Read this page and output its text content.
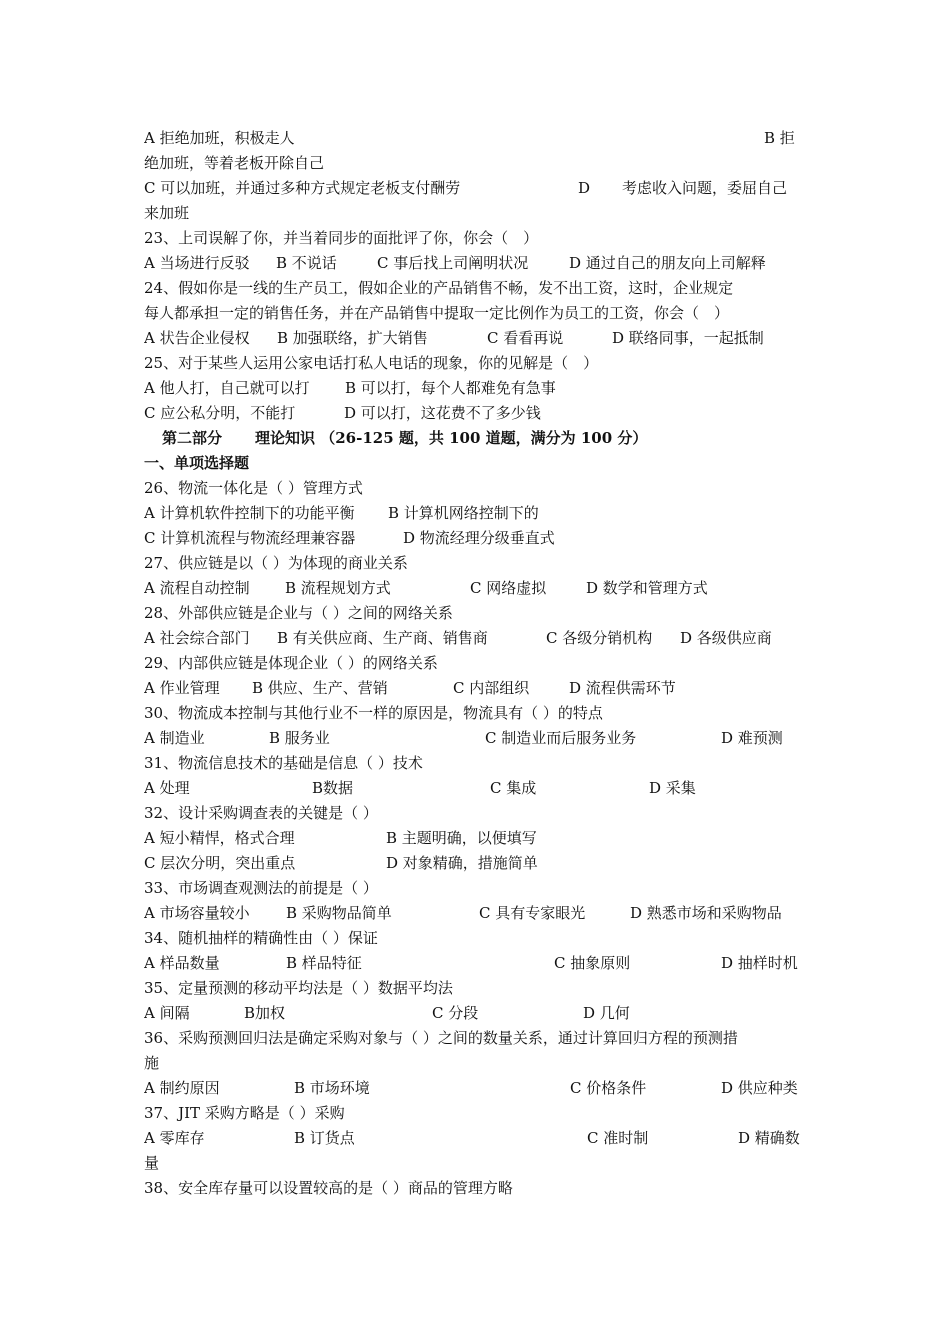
A 拒绝加班，积极走人	B 拒
绝加班，等着老板开除自己
C 可以加班，并通过多种方式规定老板支付酬劳	D 考虑收入问题，委屈自己
来加班
23、上司误解了你，并当着同步的面批评了你，你会（　）
A 当场进行反驳 B 不说话	C 事后找上司阐明状况	D 通过自己的朋友向上司解释
24、假如你是一线的生产员工，假如企业的产品销售不畅，发不出工资，这时，企业规定
每人都承担一定的销售任务，并在产品销售中提取一定比例作为员工的工资，你会（　）
A 状告企业侵权 B 加强联络，扩大销售	C 看看再说	D 联络同事，一起抵制
25、对于某些人运用公家电话打私人电话的现象，你的见解是（　）
A 他人打，自己就可以打 B 可以打，每个人都难免有急事
C 应公私分明，不能打	D 可以打，这花费不了多少钱
第二部分 理论知识 （26-125 题，共 100 道题，满分为 100 分）
一、单项选择题
26、物流一体化是（ ）管理方式
A 计算机软件控制下的功能平衡 B 计算机网络控制下的
C 计算机流程与物流经理兼容器	D 物流经理分级垂直式
27、供应链是以（ ）为体现的商业关系
A 流程自动控制 B 流程规划方式	C 网络虚拟	D 数学和管理方式
28、外部供应链是企业与（ ）之间的网络关系
A 社会综合部门 B 有关供应商、生产商、销售商	C 各级分销机构 D 各级供应商
29、内部供应链是体现企业（ ）的网络关系
A 作业管理 B 供应、生产、营销	C 内部组织	D 流程供需环节
30、物流成本控制与其他行业不一样的原因是，物流具有（ ）的特点
A 制造业	B 服务业	C 制造业而后服务业务	D 难预测
31、物流信息技术的基础是信息（ ）技术
A 处理	B数据	C 集成	D 采集
32、设计采购调查表的关键是（ ）
A 短小精悍，格式合理	B 主题明确，以便填写
C 层次分明，突出重点	D 对象精确，措施简单
33、市场调查观测法的前提是（ ）
A 市场容量较小 B 采购物品简单	C 具有专家眼光	D 熟悉市场和采购物品
34、随机抽样的精确性由（ ）保证
A 样品数量	B 样品特征	C 抽象原则	D 抽样时机
35、定量预测的移动平均法是（ ）数据平均法
A 间隔	B加权	C 分段	D 几何
36、采购预测回归法是确定采购对象与（ ）之间的数量关系，通过计算回归方程的预测措
施
A 制约原因	B 市场环境	C 价格条件	D 供应种类
37、JIT 采购方略是（ ）采购
A 零库存	B 订货点	C 准时制	D 精确数
量
38、安全库存量可以设置较高的是（ ）商品的管理方略
